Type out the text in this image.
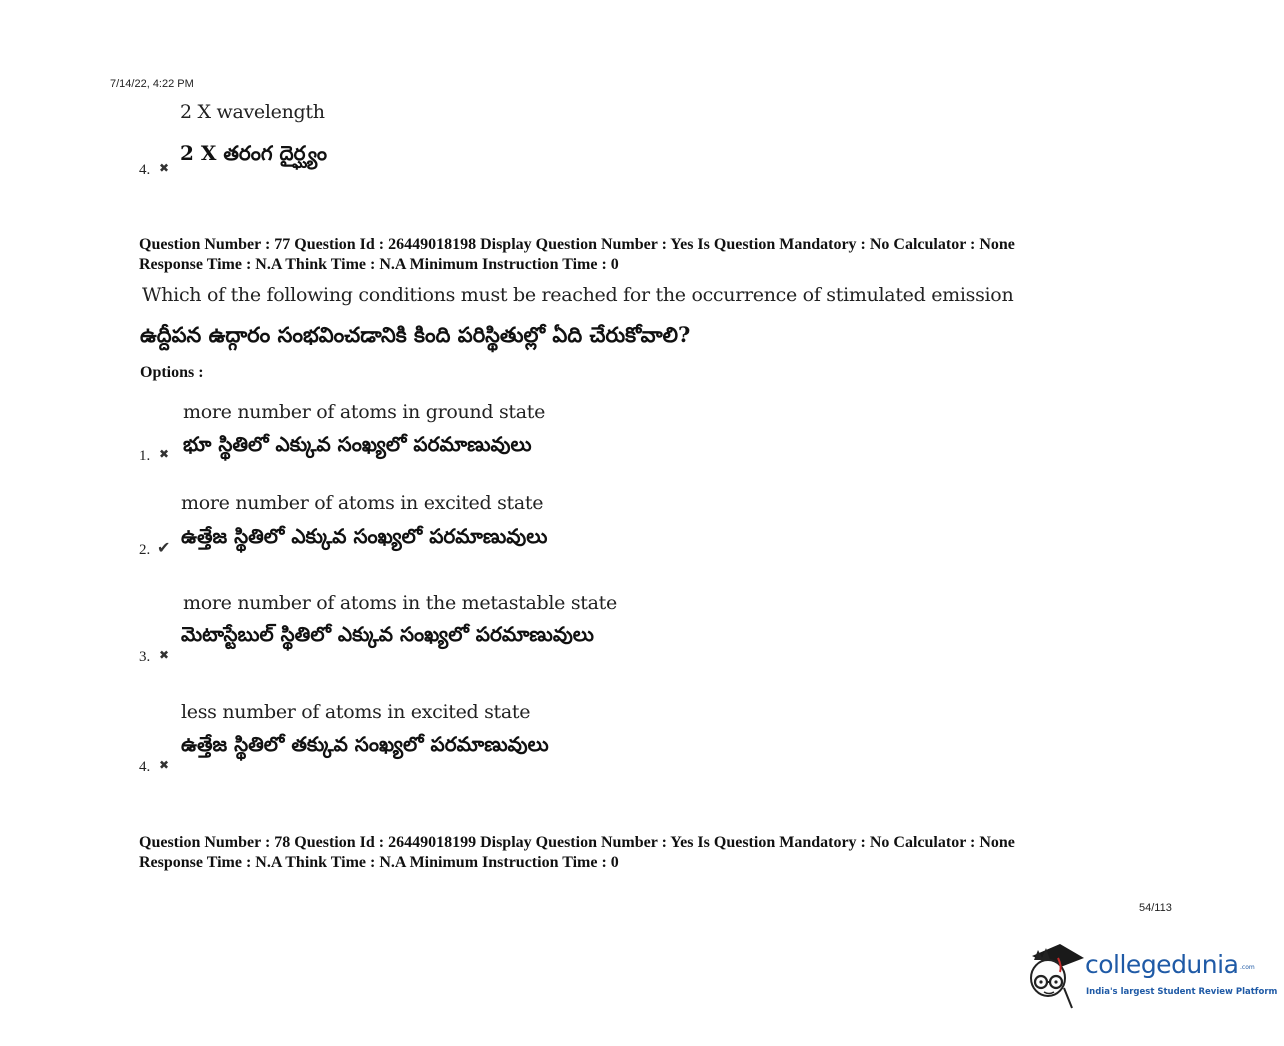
7/14/22, 4:22 PM
2 X wavelength
2 X తరంగ దైర్ఘ్యం
4. ✖
Question Number : 77 Question Id : 26449018198 Display Question Number : Yes Is Question Mandatory : No Calculator : None
Response Time : N.A Think Time : N.A Minimum Instruction Time : 0
Which of the following conditions must be reached for the occurrence of stimulated emission
ఉద్దీపన ఉద్గారం సంభవించడానికి కింది పరిస్థితుల్లో ఏది చేరుకోవాలి?
Options :
more number of atoms in ground state
భూ స్థితిలో ఎక్కువ సంఖ్యలో పరమాణువులు
1. ✖
more number of atoms in excited state
ఉత్తేజ స్థితిలో ఎక్కువ సంఖ్యలో పరమాణువులు
2. ✔
more number of atoms in the metastable state
మెటాస్టేబుల్ స్థితిలో ఎక్కువ సంఖ్యలో పరమాణువులు
3. ✖
less number of atoms in excited state
ఉత్తేజ స్థితిలో తక్కువ సంఖ్యలో పరమాణువులు
4. ✖
Question Number : 78 Question Id : 26449018199 Display Question Number : Yes Is Question Mandatory : No Calculator : None
Response Time : N.A Think Time : N.A Minimum Instruction Time : 0
54/113
collegedunia .com
India's largest Student Review Platform
